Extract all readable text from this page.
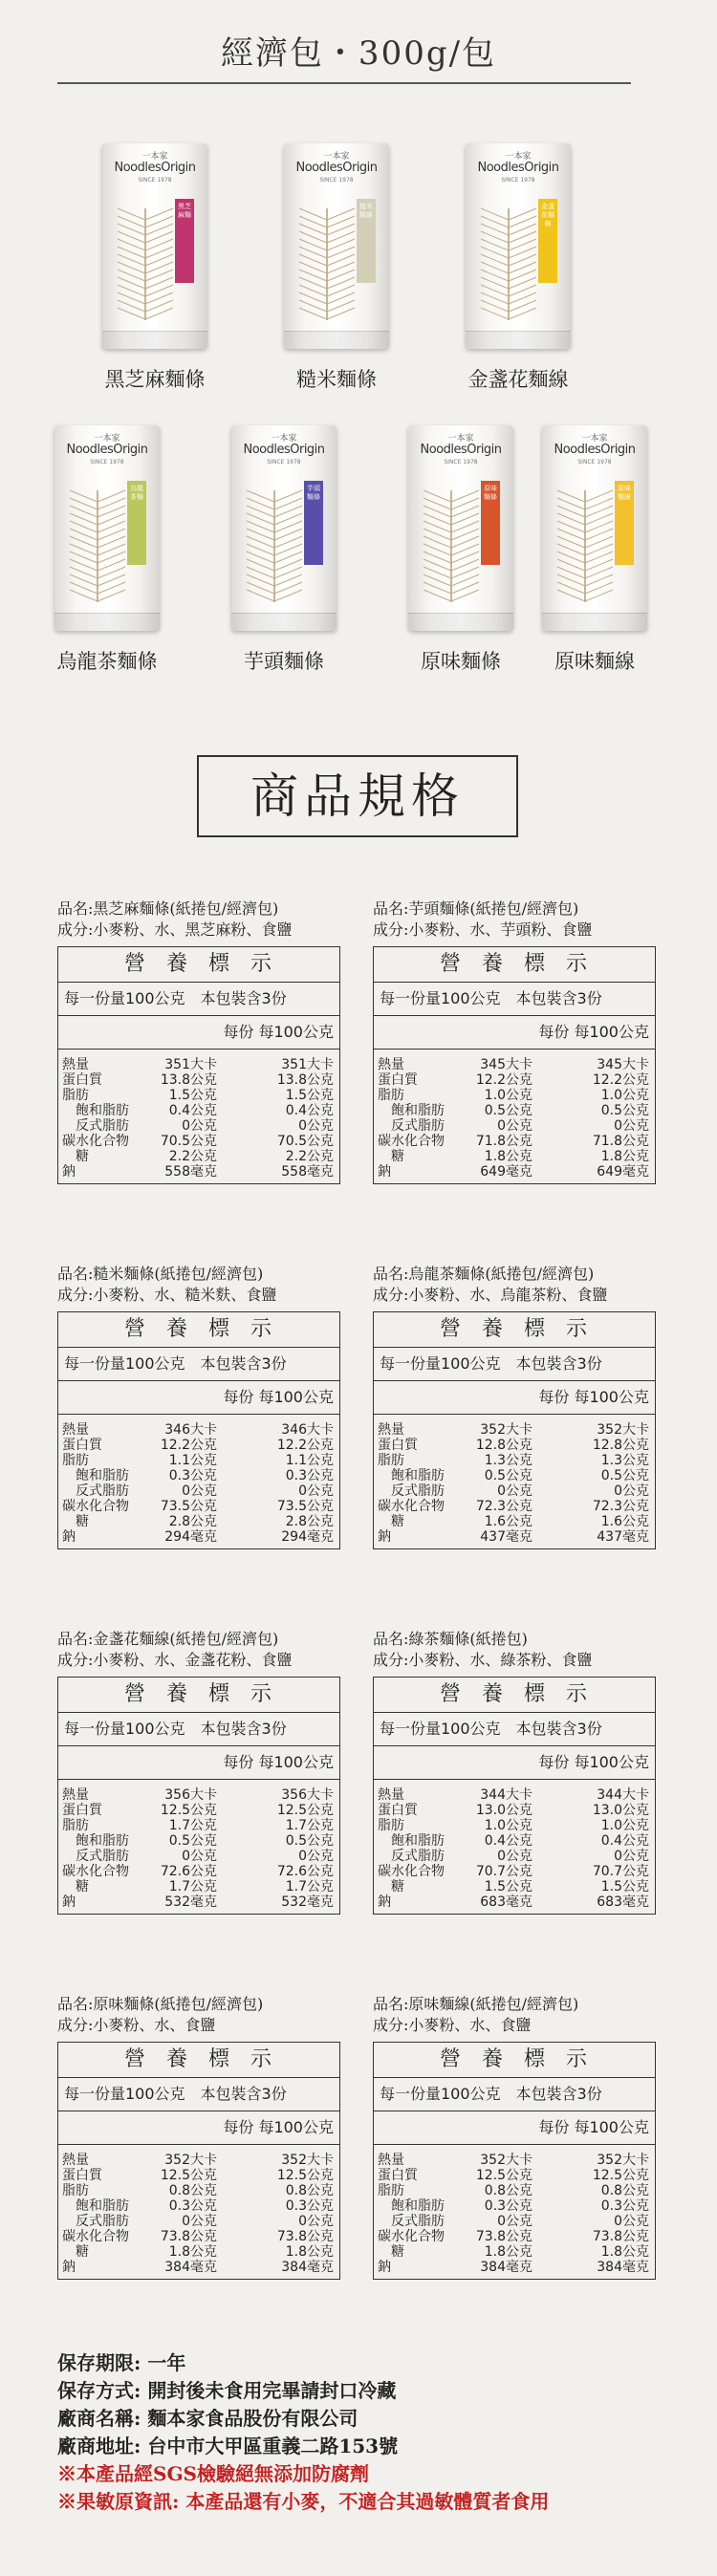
經濟包・300g/包
一本家
NoodlesOrigin
SINCE 1978
黑芝麻麵
黑芝麻麵條
一本家
NoodlesOrigin
SINCE 1978
糙米麵條
糙米麵條
一本家
NoodlesOrigin
SINCE 1978
金盞花麵線
金盞花麵線
一本家
NoodlesOrigin
SINCE 1978
烏龍茶麵
烏龍茶麵條
一本家
NoodlesOrigin
SINCE 1978
芋頭麵條
芋頭麵條
一本家
NoodlesOrigin
SINCE 1978
原味麵條
原味麵條
一本家
NoodlesOrigin
SINCE 1978
原味麵線
原味麵線
商品規格
品名:黑芝麻麵條(紙捲包/經濟包)
成分:小麥粉、水、黑芝麻粉、食鹽
營養標示
每一份量100公克　本包裝含3份
每份 每100公克
熱量	351大卡	351大卡
蛋白質	13.8公克	13.8公克
脂肪	1.5公克	1.5公克
飽和脂肪	0.4公克	0.4公克
反式脂肪	0公克	0公克
碳水化合物 70.5公克	70.5公克
糖	2.2公克	2.2公克
鈉	558毫克	558毫克
品名:芋頭麵條(紙捲包/經濟包)
成分:小麥粉、水、芋頭粉、食鹽
營養標示
每一份量100公克　本包裝含3份
每份 每100公克
熱量	345大卡	345大卡
蛋白質	12.2公克	12.2公克
脂肪	1.0公克	1.0公克
飽和脂肪	0.5公克	0.5公克
反式脂肪	0公克	0公克
碳水化合物 71.8公克	71.8公克
糖	1.8公克	1.8公克
鈉	649毫克	649毫克
品名:糙米麵條(紙捲包/經濟包)
成分:小麥粉、水、糙米麩、食鹽
營養標示
每一份量100公克　本包裝含3份
每份 每100公克
熱量	346大卡	346大卡
蛋白質	12.2公克	12.2公克
脂肪	1.1公克	1.1公克
飽和脂肪	0.3公克	0.3公克
反式脂肪	0公克	0公克
碳水化合物 73.5公克	73.5公克
糖	2.8公克	2.8公克
鈉	294毫克	294毫克
品名:烏龍茶麵條(紙捲包/經濟包)
成分:小麥粉、水、烏龍茶粉、食鹽
營養標示
每一份量100公克　本包裝含3份
每份 每100公克
熱量	352大卡	352大卡
蛋白質	12.8公克	12.8公克
脂肪	1.3公克	1.3公克
飽和脂肪	0.5公克	0.5公克
反式脂肪	0公克	0公克
碳水化合物 72.3公克	72.3公克
糖	1.6公克	1.6公克
鈉	437毫克	437毫克
品名:金盞花麵線(紙捲包/經濟包)
成分:小麥粉、水、金盞花粉、食鹽
營養標示
每一份量100公克　本包裝含3份
每份 每100公克
熱量	356大卡	356大卡
蛋白質	12.5公克	12.5公克
脂肪	1.7公克	1.7公克
飽和脂肪	0.5公克	0.5公克
反式脂肪	0公克	0公克
碳水化合物 72.6公克	72.6公克
糖	1.7公克	1.7公克
鈉	532毫克	532毫克
品名:綠茶麵條(紙捲包)
成分:小麥粉、水、綠茶粉、食鹽
營養標示
每一份量100公克　本包裝含3份
每份 每100公克
熱量	344大卡	344大卡
蛋白質	13.0公克	13.0公克
脂肪	1.0公克	1.0公克
飽和脂肪	0.4公克	0.4公克
反式脂肪	0公克	0公克
碳水化合物 70.7公克	70.7公克
糖	1.5公克	1.5公克
鈉	683毫克	683毫克
品名:原味麵條(紙捲包/經濟包)
成分:小麥粉、水、食鹽
營養標示
每一份量100公克　本包裝含3份
每份 每100公克
熱量	352大卡	352大卡
蛋白質	12.5公克	12.5公克
脂肪	0.8公克	0.8公克
飽和脂肪	0.3公克	0.3公克
反式脂肪	0公克	0公克
碳水化合物 73.8公克	73.8公克
糖	1.8公克	1.8公克
鈉	384毫克	384毫克
品名:原味麵線(紙捲包/經濟包)
成分:小麥粉、水、食鹽
營養標示
每一份量100公克　本包裝含3份
每份 每100公克
熱量	352大卡	352大卡
蛋白質	12.5公克	12.5公克
脂肪	0.8公克	0.8公克
飽和脂肪	0.3公克	0.3公克
反式脂肪	0公克	0公克
碳水化合物 73.8公克	73.8公克
糖	1.8公克	1.8公克
鈉	384毫克	384毫克
保存期限: 一年
保存方式: 開封後未食用完畢請封口冷藏
廠商名稱: 麵本家食品股份有限公司
廠商地址: 台中市大甲區重義二路153號
※本產品經SGS檢驗絕無添加防腐劑
※果敏原資訊: 本產品還有小麥，不適合其過敏體質者食用
